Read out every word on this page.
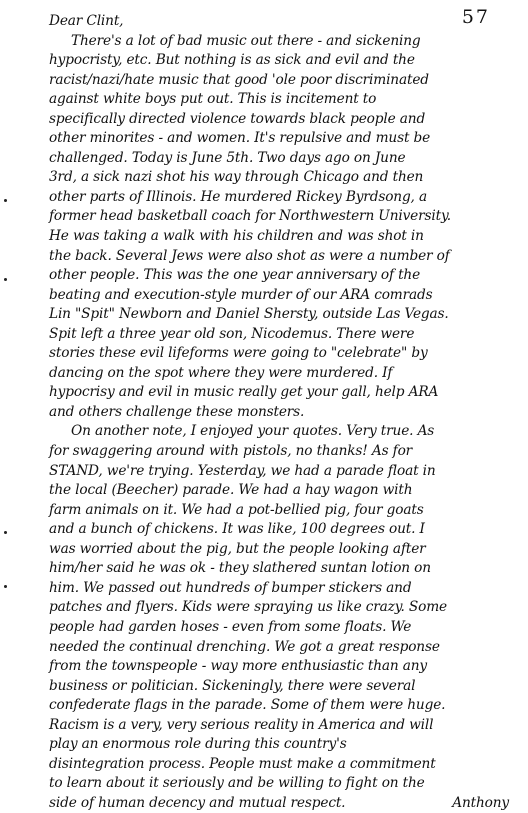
57
Dear Clint,
There's a lot of bad music out there - and sickening
hypocristy, etc. But nothing is as sick and evil and the
racist/nazi/hate music that good 'ole poor discriminated
against white boys put out. This is incitement to
specifically directed violence towards black people and
other minorites - and women. It's repulsive and must be
challenged. Today is June 5th. Two days ago on June
3rd, a sick nazi shot his way through Chicago and then
other parts of Illinois. He murdered Rickey Byrdsong, a
former head basketball coach for Northwestern University.
He was taking a walk with his children and was shot in
the back. Several Jews were also shot as were a number of
other people. This was the one year anniversary of the
beating and execution-style murder of our ARA comrads
Lin "Spit" Newborn and Daniel Shersty, outside Las Vegas.
Spit left a three year old son, Nicodemus. There were
stories these evil lifeforms were going to "celebrate" by
dancing on the spot where they were murdered. If
hypocrisy and evil in music really get your gall, help ARA
and others challenge these monsters.
On another note, I enjoyed your quotes. Very true. As
for swaggering around with pistols, no thanks! As for
STAND, we're trying. Yesterday, we had a parade float in
the local (Beecher) parade. We had a hay wagon with
farm animals on it. We had a pot-bellied pig, four goats
and a bunch of chickens. It was like, 100 degrees out. I
was worried about the pig, but the people looking after
him/her said he was ok - they slathered suntan lotion on
him. We passed out hundreds of bumper stickers and
patches and flyers. Kids were spraying us like crazy. Some
people had garden hoses - even from some floats. We
needed the continual drenching. We got a great response
from the townspeople - way more enthusiastic than any
business or politician. Sickeningly, there were several
confederate flags in the parade. Some of them were huge.
Racism is a very, very serious reality in America and will
play an enormous role during this country's
disintegration process. People must make a commitment
to learn about it seriously and be willing to fight on the
side of human decency and mutual respect.	Anthony
